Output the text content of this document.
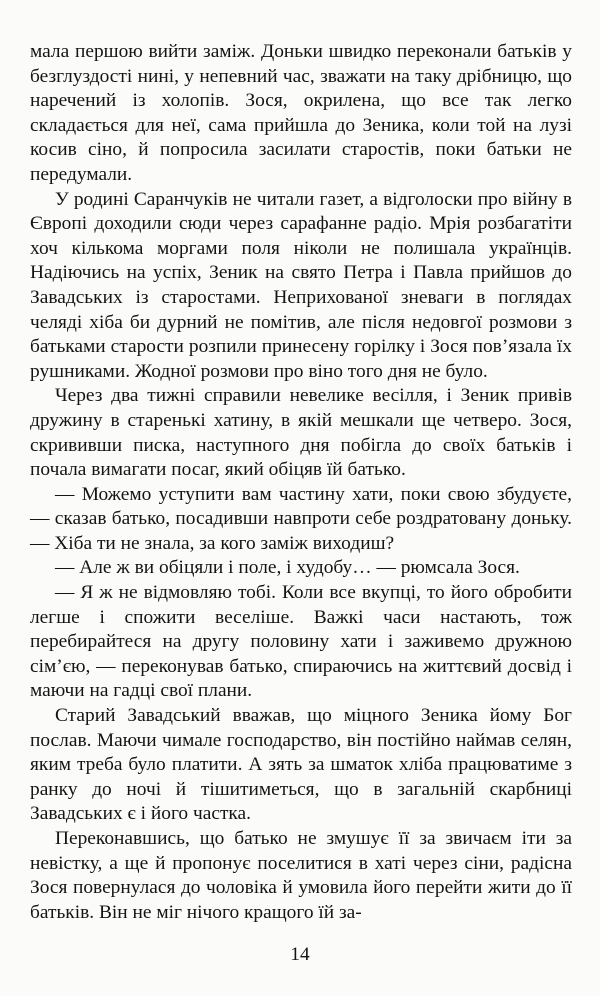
мала першою вийти заміж. Доньки швидко переконали батьків у безглуздості нині, у непевний час, зважати на таку дрібницю, що наречений із холопів. Зося, окрилена, що все так легко складається для неї, сама прийшла до Зеника, коли той на лузі косив сіно, й попросила засилати старостів, поки батьки не передумали.

У родині Саранчуків не читали газет, а відголоски про війну в Європі доходили сюди через сарафанне радіо. Мрія розбагатіти хоч кількома моргами поля ніколи не полишала українців. Надіючись на успіх, Зеник на свято Петра і Павла прийшов до Завадських із старостами. Неприхованої зневаги в поглядах челяді хіба би дурний не помітив, але після недовгої розмови з батьками старости розпили принесену горілку і Зося пов’язала їх рушниками. Жодної розмови про віно того дня не було.

Через два тижні справили невелике весілля, і Зеник привів дружину в старенькі хатину, в якій мешкали ще четверо. Зося, скрививши писка, наступного дня побігла до своїх батьків і почала вимагати посаг, який обіцяв їй батько.

— Можемо уступити вам частину хати, поки свою збудуєте, — сказав батько, посадивши навпроти себе роздратовану доньку. — Хіба ти не знала, за кого заміж виходиш?

— Але ж ви обіцяли і поле, і худобу… — рюмсала Зося.

— Я ж не відмовляю тобі. Коли все вкупці, то його обробити легше і спожити веселіше. Важкі часи настають, тож перебирайтеся на другу половину хати і заживемо дружною сім’єю, — переконував батько, спираючись на життєвий досвід і маючи на гадці свої плани.

Старий Завадський вважав, що міцного Зеника йому Бог послав. Маючи чимале господарство, він постійно наймав селян, яким треба було платити. А зять за шматок хліба працюватиме з ранку до ночі й тішитиметься, що в загальній скарбниці Завадських є і його частка.

Переконавшись, що батько не змушує її за звичаєм іти за невістку, а ще й пропонує поселитися в хаті через сіни, радісна Зося повернулася до чоловіка й умовила його перейти жити до її батьків. Він не міг нічого кращого їй за-

14
